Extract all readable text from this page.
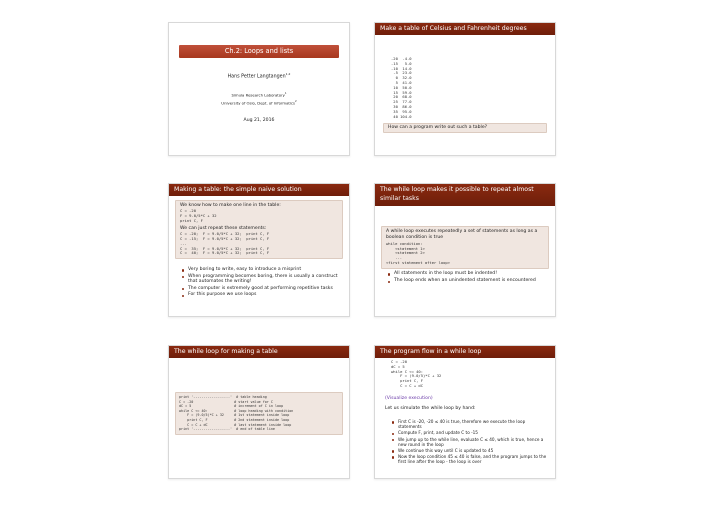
Ch.2: Loops and lists
Hans Petter Langtangen$^{1,2}$
Simula Research Laboratory$^1$
University of Oslo, Dept. of Informatics$^2$
Aug 21, 2016
Make a table of Celsius and Fahrenheit degrees
-20  -4.0
-15   5.0
-10  14.0
-5  23.0
0  32.0
5  41.0
10  50.0
15  59.0
20  68.0
25  77.0
30  86.0
35  95.0
40 104.0
How can a program write out such a table?
Making a table: the simple naive solution
We know how to make one line in the table:
C = -20
F = 9.0/5*C + 32
print C, F
We can just repeat these statements:
C = -20;  F = 9.0/5*C + 32;  print C, F
C = -15;  F = 9.0/5*C + 32;  print C, F
...
C =  35;  F = 9.0/5*C + 32;  print C, F
C =  40;  F = 9.0/5*C + 32;  print C, F
Very boring to write, easy to introduce a misprint
When programming becomes boring, there is usually a construct that automates the writing!
The computer is extremely good at performing repetitive tasks
For this purpose we use loops
The while loop makes it possible to repeat almost similar tasks
A while loop executes repeatedly a set of statements as long as a boolean condition is true
while condition:
<statement 1>
<statement 2>
...
<first statement after loop>
All statements in the loop must be indented!
The loop ends when an unindented statement is encountered
The while loop for making a table
print '------------------'  # table heading
C = -20                    # start value for C
dC = 5                     # increment of C in loop
while C <= 40:             # loop heading with condition
F = (9.0/5)*C + 32     # 1st statement inside loop
print C, F             # 2nd statement inside loop
C = C + dC             # last statement inside loop
print '------------------'  # end of table line
The program flow in a while loop
C = -20
dC = 5
while C <= 40:
F = (9.0/5)*C + 32
print C, F
C = C + dC
(Visualize execution)
Let us simulate the while loop by hand:
First C is -20, -20 ≤ 40 is true, therefore we execute the loop statements
Compute F, print, and update C to -15
We jump up to the while line, evaluate C ≤ 40, which is true, hence a new round in the loop
We continue this way until C is updated to 45
Now the loop condition 45 ≤ 40 is false, and the program jumps to the first line after the loop - the loop is over
